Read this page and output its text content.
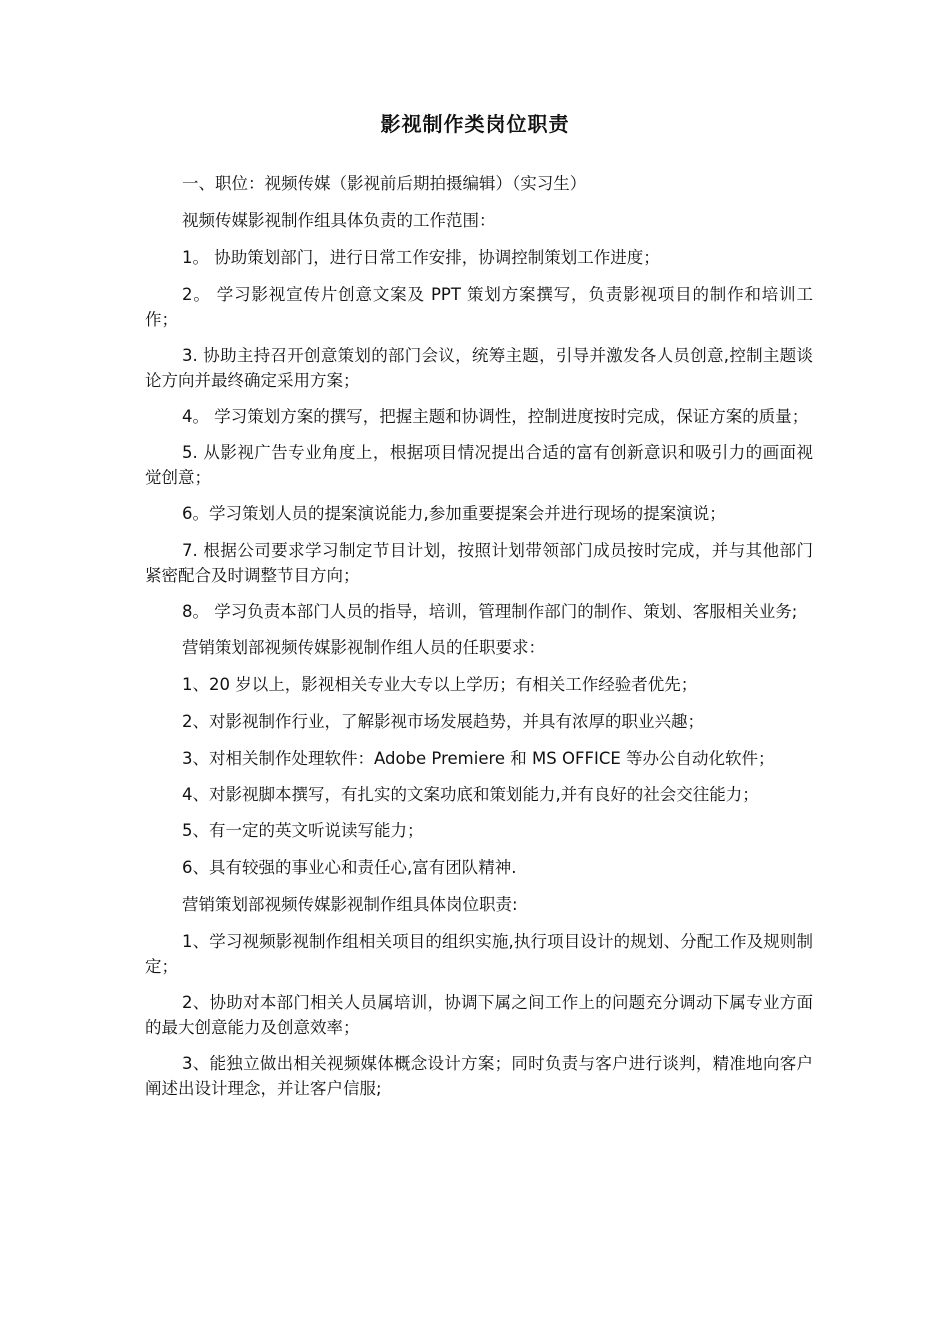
影视制作类岗位职责

一、职位：视频传媒（影视前后期拍摄编辑）（实习生）

视频传媒影视制作组具体负责的工作范围：

1。 协助策划部门，进行日常工作安排，协调控制策划工作进度；

2。 学习影视宣传片创意文案及 PPT 策划方案撰写，负责影视项目的制作和培训工作；

3. 协助主持召开创意策划的部门会议，统筹主题，引导并激发各人员创意,控制主题谈论方向并最终确定采用方案；

4。 学习策划方案的撰写，把握主题和协调性，控制进度按时完成，保证方案的质量；

5. 从影视广告专业角度上，根据项目情况提出合适的富有创新意识和吸引力的画面视觉创意；

6。学习策划人员的提案演说能力,参加重要提案会并进行现场的提案演说；

7. 根据公司要求学习制定节目计划，按照计划带领部门成员按时完成，并与其他部门紧密配合及时调整节目方向；

8。 学习负责本部门人员的指导，培训，管理制作部门的制作、策划、客服相关业务;

营销策划部视频传媒影视制作组人员的任职要求：

1、20 岁以上，影视相关专业大专以上学历；有相关工作经验者优先；

2、对影视制作行业，了解影视市场发展趋势，并具有浓厚的职业兴趣；

3、对相关制作处理软件：Adobe Premiere 和 MS OFFICE 等办公自动化软件；

4、对影视脚本撰写，有扎实的文案功底和策划能力,并有良好的社会交往能力；

5、有一定的英文听说读写能力；

6、具有较强的事业心和责任心,富有团队精神.

营销策划部视频传媒影视制作组具体岗位职责:

1、学习视频影视制作组相关项目的组织实施,执行项目设计的规划、分配工作及规则制定；

2、协助对本部门相关人员属培训，协调下属之间工作上的问题充分调动下属专业方面的最大创意能力及创意效率；

3、能独立做出相关视频媒体概念设计方案；同时负责与客户进行谈判，精准地向客户阐述出设计理念，并让客户信服;
